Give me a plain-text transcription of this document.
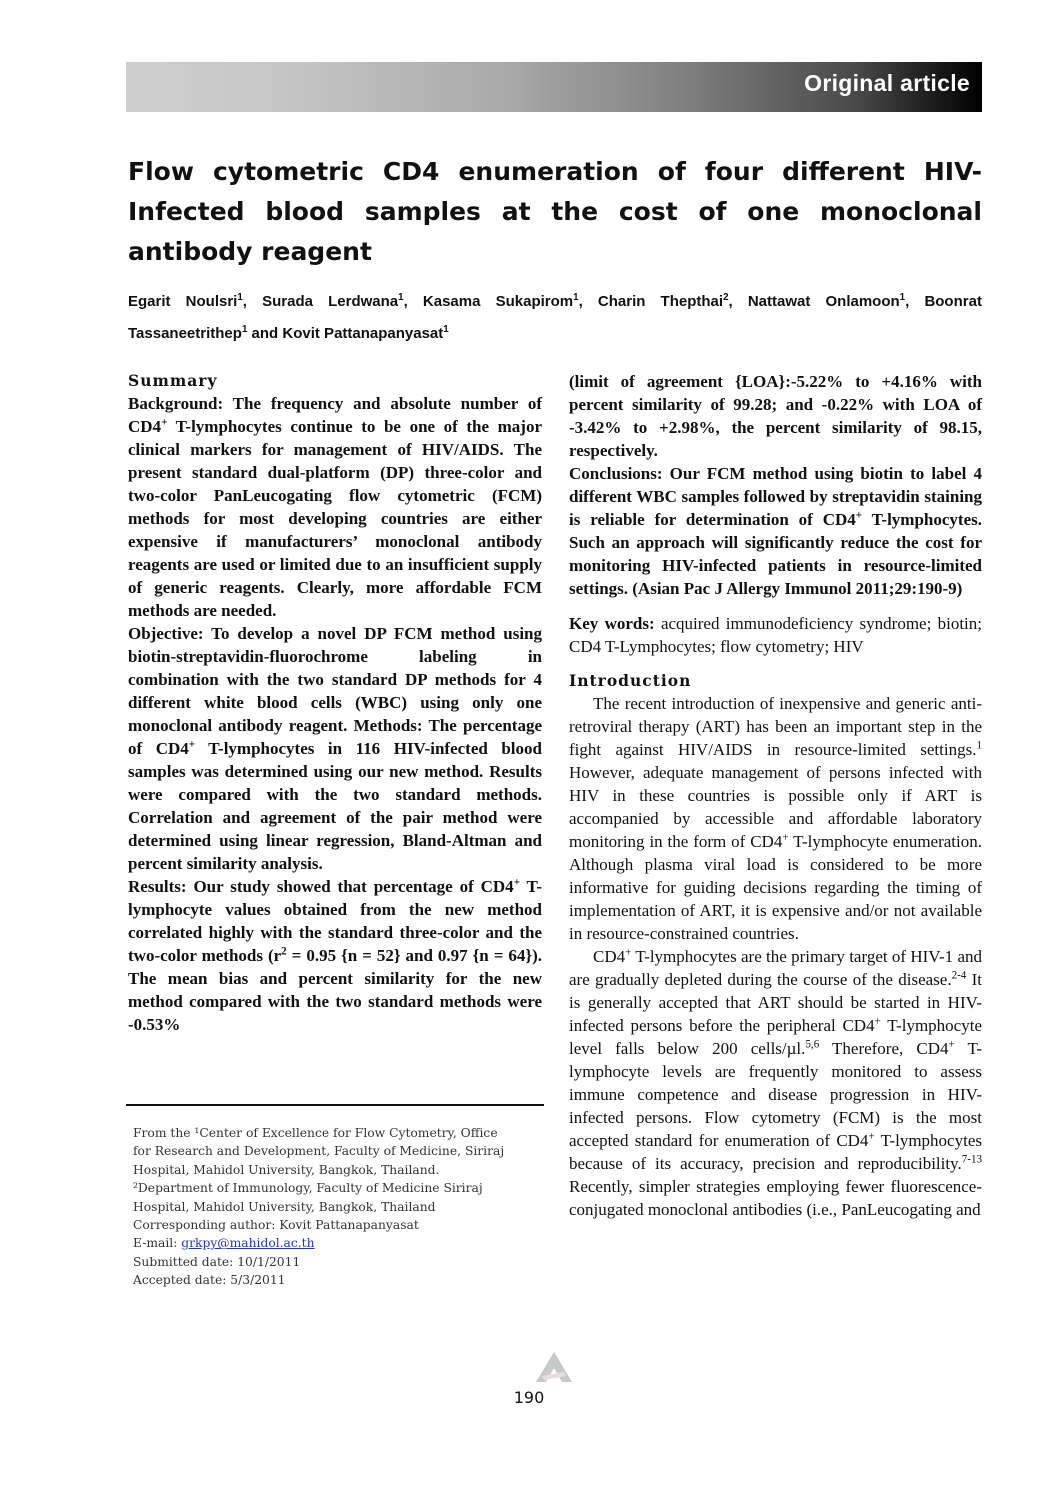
Original article
Flow cytometric CD4 enumeration of four different HIV-Infected blood samples at the cost of one monoclonal antibody reagent
Egarit Noulsri$^1$, Surada Lerdwana$^1$, Kasama Sukapirom$^1$, Charin Thepthai$^2$, Nattawat Onlamoon$^1$, Boonrat Tassaneetrithep$^1$ and Kovit Pattanapanyasat$^1$

Summary

Background: The frequency and absolute number of CD4+ T-lymphocytes continue to be one of the major clinical markers for management of HIV/AIDS. The present standard dual-platform (DP) three-color and two-color PanLeucogating flow cytometric (FCM) methods for most developing countries are either expensive if manufacturers’ monoclonal antibody reagents are used or limited due to an insufficient supply of generic reagents. Clearly, more affordable FCM methods are needed.

Objective: To develop a novel DP FCM method using biotin-streptavidin-fluorochrome labeling in combination with the two standard DP methods for 4 different white blood cells (WBC) using only one monoclonal antibody reagent. Methods: The percentage of CD4+ T-lymphocytes in 116 HIV-infected blood samples was determined using our new method. Results were compared with the two standard methods. Correlation and agreement of the pair method were determined using linear regression, Bland-Altman and percent similarity analysis.

Results: Our study showed that percentage of CD4+ T-lymphocyte values obtained from the new method correlated highly with the standard three-color and the two-color methods ($r^2 = 0.95$ {n = 52} and 0.97 {n = 64}). The mean bias and percent similarity for the new method compared with the two standard methods were -0.53%

From the ¹Center of Excellence for Flow Cytometry, Office
for Research and Development, Faculty of Medicine, Siriraj
Hospital, Mahidol University, Bangkok, Thailand.
²Department of Immunology, Faculty of Medicine Siriraj
Hospital, Mahidol University, Bangkok, Thailand
Corresponding author: Kovit Pattanapanyasat
E-mail: grkpy@mahidol.ac.th
Submitted date: 10/1/2011
Accepted date: 5/3/2011

(limit of agreement {LOA}:-5.22% to +4.16% with percent similarity of 99.28; and -0.22% with LOA of -3.42% to +2.98%, the percent similarity of 98.15, respectively.

Conclusions: Our FCM method using biotin to label 4 different WBC samples followed by streptavidin staining is reliable for determination of CD4+ T-lymphocytes. Such an approach will significantly reduce the cost for monitoring HIV-infected patients in resource-limited settings. (Asian Pac J Allergy Immunol 2011;29:190-9)

Key words: acquired immunodeficiency syndrome; biotin; CD4 T-Lymphocytes; flow cytometry; HIV

Introduction

The recent introduction of inexpensive and generic anti-retroviral therapy (ART) has been an important step in the fight against HIV/AIDS in resource-limited settings.$^1$ However, adequate management of persons infected with HIV in these countries is possible only if ART is accompanied by accessible and affordable laboratory monitoring in the form of CD4+ T-lymphocyte enumeration. Although plasma viral load is considered to be more informative for guiding decisions regarding the timing of implementation of ART, it is expensive and/or not available in resource-constrained countries.

CD4+ T-lymphocytes are the primary target of HIV-1 and are gradually depleted during the course of the disease.$^{2-4}$ It is generally accepted that ART should be started in HIV-infected persons before the peripheral CD4+ T-lymphocyte level falls below 200 cells/µl.$^{5,6}$ Therefore, CD4+ T-lymphocyte levels are frequently monitored to assess immune competence and disease progression in HIV-infected persons. Flow cytometry (FCM) is the most accepted standard for enumeration of CD4+ T-lymphocytes because of its accuracy, precision and reproducibility.$^{7-13}$ Recently, simpler strategies employing fewer fluorescence-conjugated monoclonal antibodies (i.e., PanLeucogating and

190
